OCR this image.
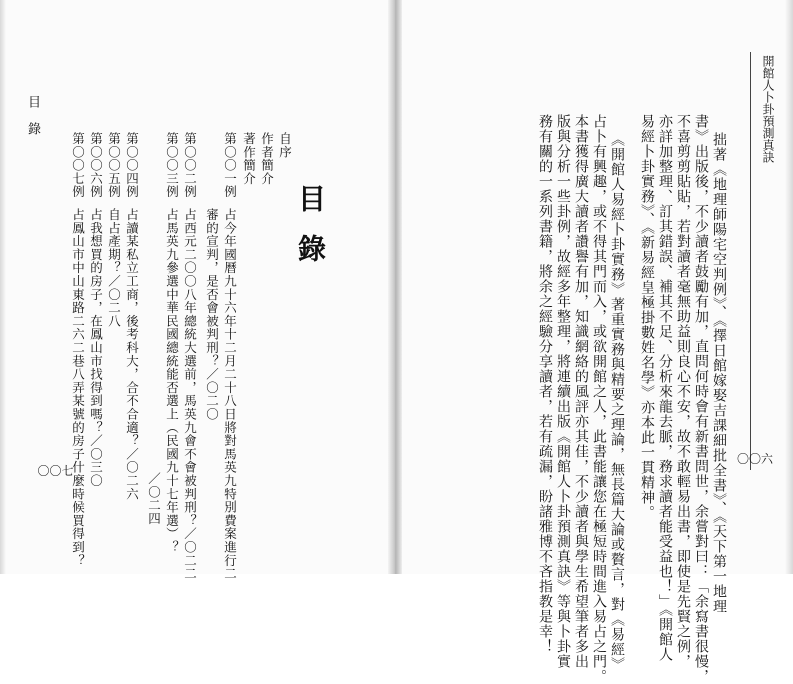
開館人卜卦預測真訣
〇〇六
拙著《地理師陽宅空判例》、《擇日館嫁娶吉課細批全書》、《天下第一地理
書》出版後，不少讀者鼓勵有加，直問何時會有新書問世，余嘗對曰：「余寫書很慢，
不喜剪剪貼貼，若對讀者毫無助益則良心不安，故不敢輕易出書，即使是先賢之例，
亦詳加整理、訂其錯誤、補其不足、分析來龍去脈，務求讀者能受益也！」《開館人
易經卜卦實務》、《新易經皇極掛數姓名學》亦本此一貫精神。
《開館人易經卜卦實務》著重實務與精要之理論，無長篇大論或贅言，對《易經》
占卜有興趣，或不得其門而入，或欲開館之人，此書能讓您在極短時間進入易占之門。
本書獲得廣大讀者讚譽有加，知識網絡的風評亦其佳，不少讀者與學生希望筆者多出
版與分析一些卦例，故經多年整理，將連續出版《開館人卜卦預測真訣》等與卜卦實
務有關的一系列書籍，將余之經驗分享讀者，若有疏漏，盼諸雅博不吝指教是幸！
目錄
〇〇七
目錄
自序
作者簡介
著作簡介
第〇〇一例
占今年國曆九十六年十二月二十八日將對馬英九特別費案進行二
審的宣判，是否會被判刑？／〇二〇
第〇〇二例
占西元二〇〇八年總統大選前，馬英九會不會被判刑？／〇二二
第〇〇三例
占馬英九參選中華民國總統能否選上（民國九十七年選）？
／〇二四
第〇〇四例
占讀某私立工商，後考科大，合不合適？／〇二六
第〇〇五例
自占產期？／〇二八
第〇〇六例
占我想買的房子，在鳳山市找得到嗎？／〇三〇
第〇〇七例
占鳳山市中山東路二六二巷八弄某號的房子什麼時候買得到？
